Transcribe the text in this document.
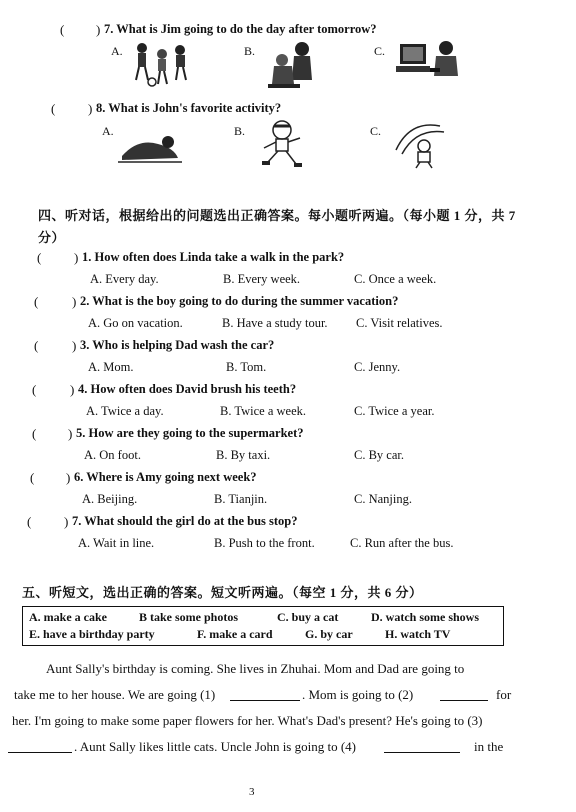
( ) 7. What is Jim going to do the day after tomorrow?
A.	B.	C.
(	) 8. What is John's favorite activity?
A.	B.	C.
四、听对话，根据给出的问题选出正确答案。每小题听两遍。（每小题 1 分，共 7
分）
(	) 1. How often does Linda take a walk in the park?
A. Every day.	B. Every week.	C. Once a week.
(	) 2. What is the boy going to do during the summer vacation?
A. Go on vacation.	B. Have a study tour. C. Visit relatives.
(	) 3. Who is helping Dad wash the car?
A. Mom.	B. Tom.	C. Jenny.
(	) 4. How often does David brush his teeth?
A. Twice a day.	B. Twice a week.	C. Twice a year.
( ) 5. How are they going to the supermarket?
A. On foot.	B. By taxi.	C. By car.
( ) 6. Where is Amy going next week?
A. Beijing.	B. Tianjin.	C. Nanjing.
(	) 7. What should the girl do at the bus stop?
A. Wait in line.	B. Push to the front.	C. Run after the bus.
五、听短文，选出正确的答案。短文听两遍。（每空 1 分，共 6 分）
A. make a cake	B take some photos	C. buy a cat	D. watch some shows
E. have a birthday party	F. make a card	G. by car	H. watch TV
Aunt Sally's birthday is coming. She lives in Zhuhai. Mom and Dad are going to
take me to her house. We are going (1)	. Mom is going to (2)	for
her. I'm going to make some paper flowers for her. What's Dad's present? He's going to (3)
. Aunt Sally likes little cats. Uncle John is going to (4)	in the
3
